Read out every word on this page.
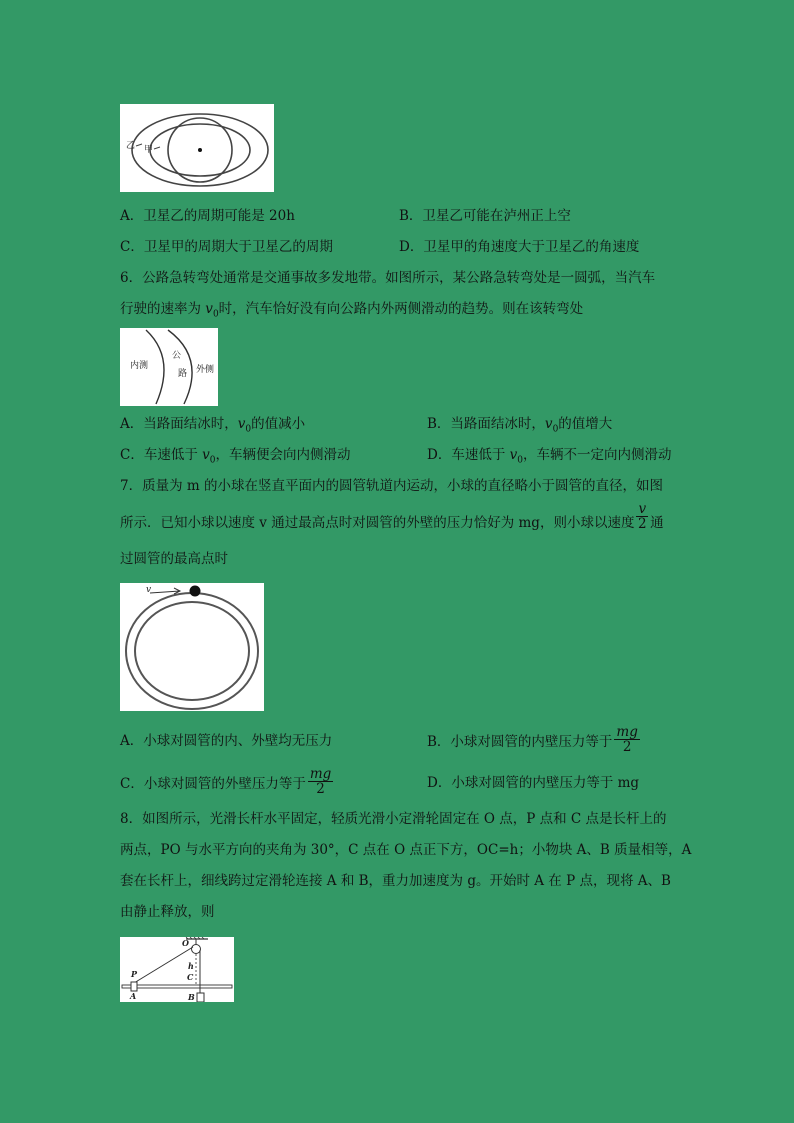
乙 甲
A．卫星乙的周期可能是 20h	B．卫星乙可能在泸州正上空
C．卫星甲的周期大于卫星乙的周期	D．卫星甲的角速度大于卫星乙的角速度
6．公路急转弯处通常是交通事故多发地带。如图所示，某公路急转弯处是一圆弧，当汽车
行驶的速率为 $v_0$时，汽车恰好没有向公路内外两侧滑动的趋势。则在该转弯处
内测
公
路 外侧
A．当路面结冰时，$v_0$的值减小	B．当路面结冰时，$v_0$的值增大
C．车速低于 $v_0$，车辆便会向内侧滑动	D．车速低于 $v_0$，车辆不一定向内侧滑动
7．质量为 m 的小球在竖直平面内的圆管轨道内运动，小球的直径略小于圆管的直径，如图
所示．已知小球以速度 v 通过最高点时对圆管的外壁的压力恰好为 mg，则小球以速度 $\frac{v}{2}$ 通
过圆管的最高点时
v
A．小球对圆管的内、外壁均无压力	B．小球对圆管的内壁压力等于 $\frac{mg}{2}$
C．小球对圆管的外壁压力等于 $\frac{mg}{2}$	D．小球对圆管的内壁压力等于 mg
8．如图所示，光滑长杆水平固定，轻质光滑小定滑轮固定在 O 点，P 点和 C 点是长杆上的
两点，PO 与水平方向的夹角为 30°，C 点在 O 点正下方，OC=h；小物块 A、B 质量相等，A
套在长杆上，细线跨过定滑轮连接 A 和 B，重力加速度为 g。开始时 A 在 P 点，现将 A、B
由静止释放，则
O
P
A
h
C
B
